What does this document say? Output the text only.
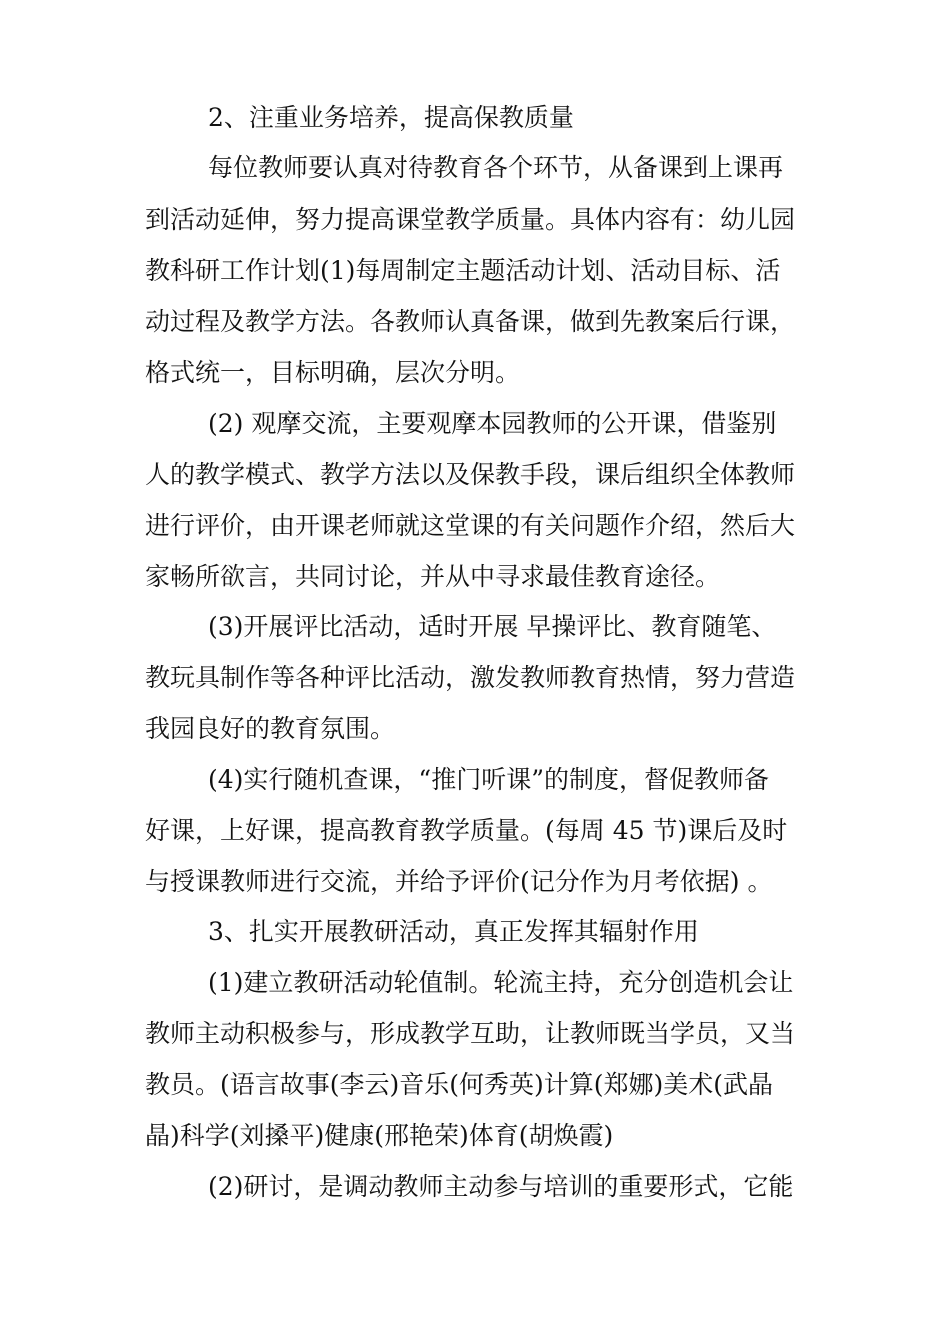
2、注重业务培养，提高保教质量
每位教师要认真对待教育各个环节，从备课到上课再
到活动延伸，努力提高课堂教学质量。具体内容有：幼儿园
教科研工作计划(1)每周制定主题活动计划、活动目标、活
动过程及教学方法。各教师认真备课，做到先教案后行课，
格式统一，目标明确，层次分明。
(2) 观摩交流，主要观摩本园教师的公开课，借鉴别
人的教学模式、教学方法以及保教手段，课后组织全体教师
进行评价，由开课老师就这堂课的有关问题作介绍，然后大
家畅所欲言，共同讨论，并从中寻求最佳教育途径。
(3)开展评比活动，适时开展 早操评比、教育随笔、
教玩具制作等各种评比活动，激发教师教育热情，努力营造
我园良好的教育氛围。
(4)实行随机查课，“推门听课”的制度，督促教师备
好课，上好课，提高教育教学质量。(每周 45 节)课后及时
与授课教师进行交流，并给予评价(记分作为月考依据) 。
3、扎实开展教研活动，真正发挥其辐射作用
(1)建立教研活动轮值制。轮流主持，充分创造机会让
教师主动积极参与，形成教学互助，让教师既当学员，又当
教员。(语言故事(李云)音乐(何秀英)计算(郑娜)美术(武晶
晶)科学(刘搡平)健康(邢艳荣)体育(胡焕霞)
(2)研讨，是调动教师主动参与培训的重要形式，它能
